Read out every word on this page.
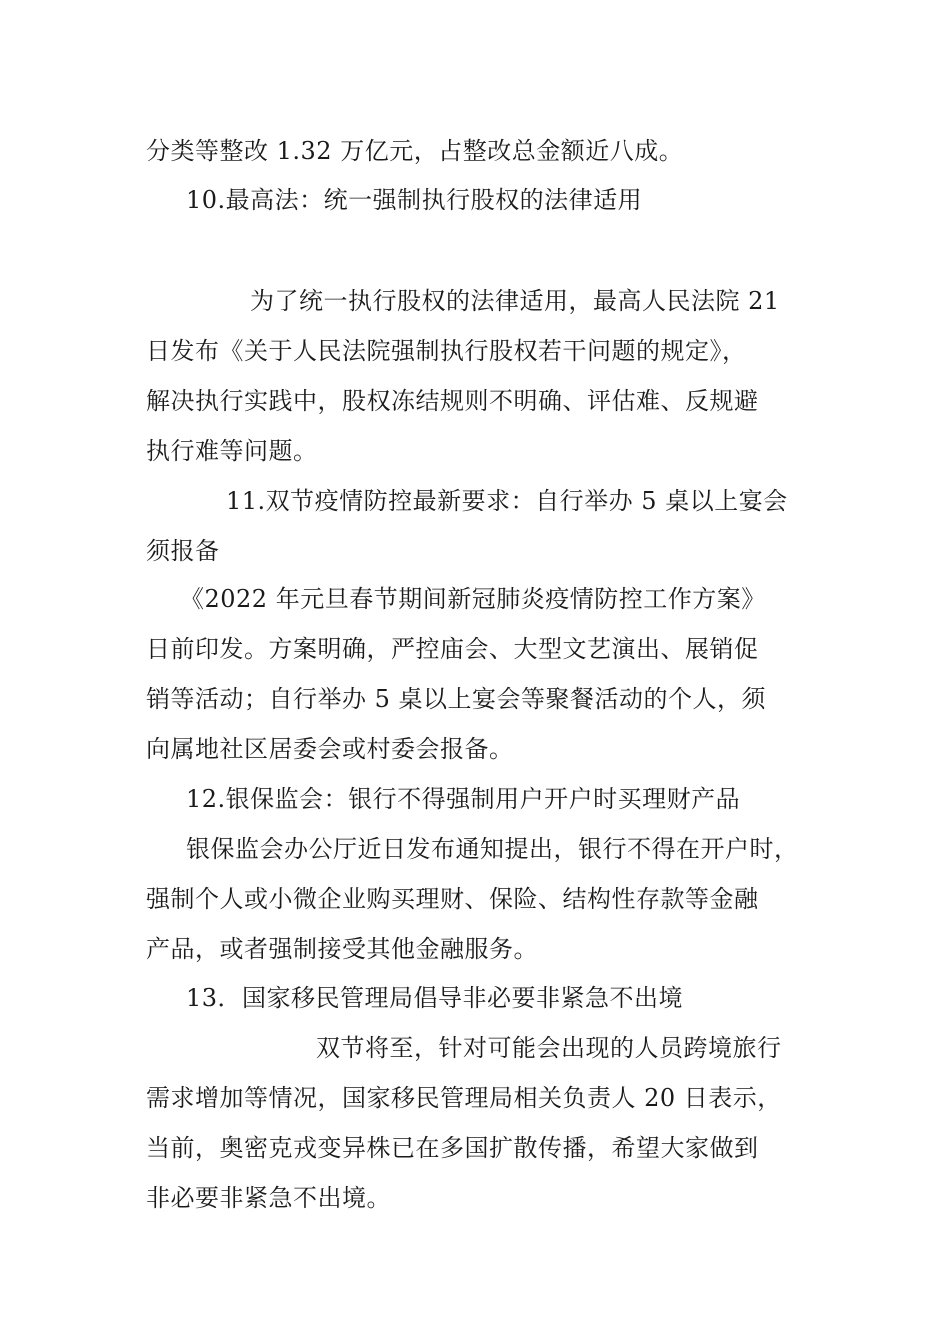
分类等整改 1.32 万亿元，占整改总金额近八成。
10.最高法：统一强制执行股权的法律适用
为了统一执行股权的法律适用，最高人民法院 21
日发布《关于人民法院强制执行股权若干问题的规定》，
解决执行实践中，股权冻结规则不明确、评估难、反规避
执行难等问题。
11.双节疫情防控最新要求：自行举办 5 桌以上宴会
须报备
《2022 年元旦春节期间新冠肺炎疫情防控工作方案》
日前印发。方案明确，严控庙会、大型文艺演出、展销促
销等活动；自行举办 5 桌以上宴会等聚餐活动的个人，须
向属地社区居委会或村委会报备。
12.银保监会：银行不得强制用户开户时买理财产品
银保监会办公厅近日发布通知提出，银行不得在开户时，
强制个人或小微企业购买理财、保险、结构性存款等金融
产品，或者强制接受其他金融服务。
13．国家移民管理局倡导非必要非紧急不出境
双节将至，针对可能会出现的人员跨境旅行
需求增加等情况，国家移民管理局相关负责人 20 日表示，
当前，奥密克戎变异株已在多国扩散传播，希望大家做到
非必要非紧急不出境。
